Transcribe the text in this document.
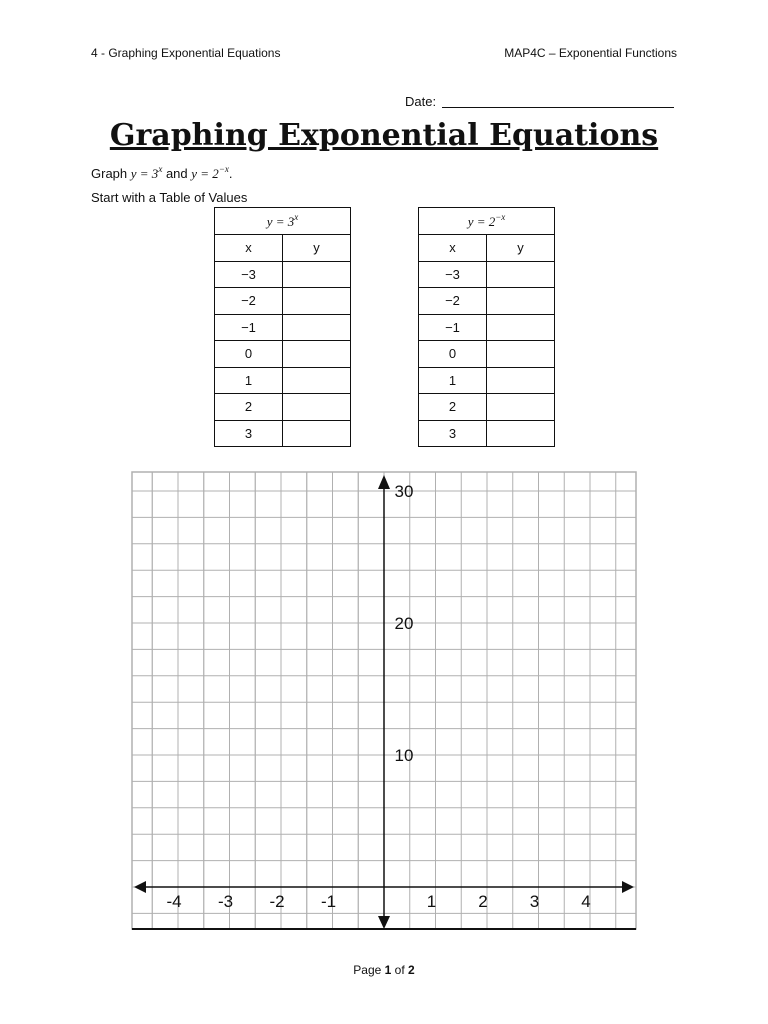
4 - Graphing Exponential Equations	MAP4C – Exponential Functions
Date:
Graphing Exponential Equations
Graph $y = 3^x$ and $y = 2^{-x}$.
Start with a Table of Values
$y = 3^x$
x	y
−3	
−2	
−1	
0	
1	
2	
3	
$y = 2^{-x}$
x	y
−3	
−2	
−1	
0	
1	
2	
3	
-4 -3 -2 -1	1 2 3 4
10
20
30
Page 1 of 2
